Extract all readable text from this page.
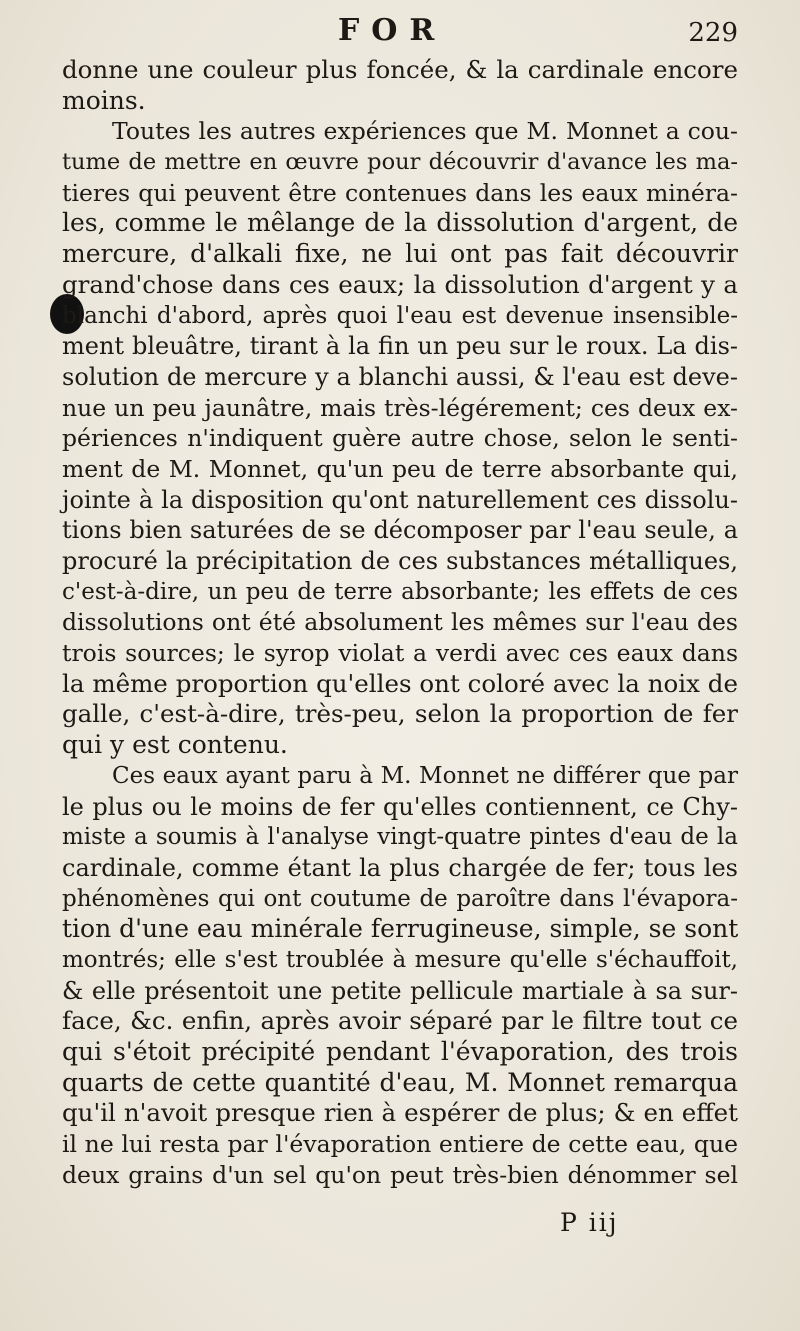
FOR	229
donne une couleur plus foncée, & la cardinale encore
moins.
Toutes les autres expériences que M. Monnet a cou-
tume de mettre en œuvre pour découvrir d'avance les ma-
tieres qui peuvent être contenues dans les eaux minéra-
les, comme le mêlange de la dissolution d'argent, de
mercure, d'alkali fixe, ne lui ont pas fait découvrir
grand'chose dans ces eaux; la dissolution d'argent y a
blanchi d'abord, après quoi l'eau est devenue insensible-
ment bleuâtre, tirant à la fin un peu sur le roux. La dis-
solution de mercure y a blanchi aussi, & l'eau est deve-
nue un peu jaunâtre, mais très-légérement; ces deux ex-
périences n'indiquent guère autre chose, selon le senti-
ment de M. Monnet, qu'un peu de terre absorbante qui,
jointe à la disposition qu'ont naturellement ces dissolu-
tions bien saturées de se décomposer par l'eau seule, a
procuré la précipitation de ces substances métalliques,
c'est-à-dire, un peu de terre absorbante; les effets de ces
dissolutions ont été absolument les mêmes sur l'eau des
trois sources; le syrop violat a verdi avec ces eaux dans
la même proportion qu'elles ont coloré avec la noix de
galle, c'est-à-dire, très-peu, selon la proportion de fer
qui y est contenu.
Ces eaux ayant paru à M. Monnet ne différer que par
le plus ou le moins de fer qu'elles contiennent, ce Chy-
miste a soumis à l'analyse vingt-quatre pintes d'eau de la
cardinale, comme étant la plus chargée de fer; tous les
phénomènes qui ont coutume de paroître dans l'évapora-
tion d'une eau minérale ferrugineuse, simple, se sont
montrés; elle s'est troublée à mesure qu'elle s'échauffoit,
& elle présentoit une petite pellicule martiale à sa sur-
face, &c. enfin, après avoir séparé par le filtre tout ce
qui s'étoit précipité pendant l'évaporation, des trois
quarts de cette quantité d'eau, M. Monnet remarqua
qu'il n'avoit presque rien à espérer de plus; & en effet
il ne lui resta par l'évaporation entiere de cette eau, que
deux grains d'un sel qu'on peut très-bien dénommer sel
P iij
